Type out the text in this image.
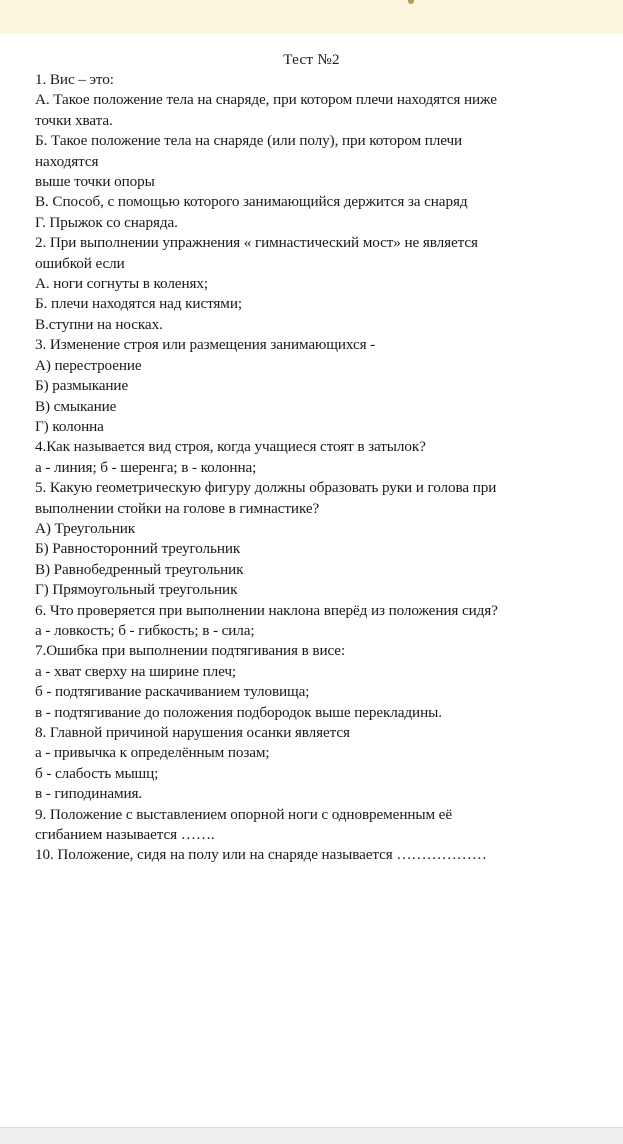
Тест №2
1. Вис – это:
А. Такое положение тела на снаряде, при котором плечи находятся ниже
точки хвата.
Б. Такое положение тела на снаряде (или полу), при котором плечи
находятся
выше точки опоры
В. Способ, с помощью которого занимающийся держится за снаряд
Г. Прыжок со снаряда.
2. При выполнении упражнения « гимнастический мост» не является
ошибкой если
А. ноги согнуты в коленях;
Б. плечи находятся над кистями;
В.ступни на носках.
3. Изменение строя или размещения занимающихся -
А) перестроение
Б) размыкание
В) смыкание
Г) колонна
4.Как называется вид строя, когда учащиеся стоят в затылок?
а - линия; б - шеренга; в - колонна;
5. Какую геометрическую фигуру должны образовать руки и голова при
выполнении стойки на голове в гимнастике?
А) Треугольник
Б) Равносторонний треугольник
В) Равнобедренный треугольник
Г) Прямоугольный треугольник
6. Что проверяется при выполнении наклона вперёд из положения сидя?
а - ловкость; б - гибкость; в - сила;
7.Ошибка при выполнении подтягивания в висе:
а - хват сверху на ширине плеч;
б - подтягивание раскачиванием туловища;
в - подтягивание до положения подбородок выше перекладины.
8. Главной причиной нарушения осанки является
а - привычка к определённым позам;
б - слабость мышц;
в - гиподинамия.
9. Положение с выставлением опорной ноги с одновременным её
сгибанием называется …….
10. Положение, сидя на полу или на снаряде называется ………………
